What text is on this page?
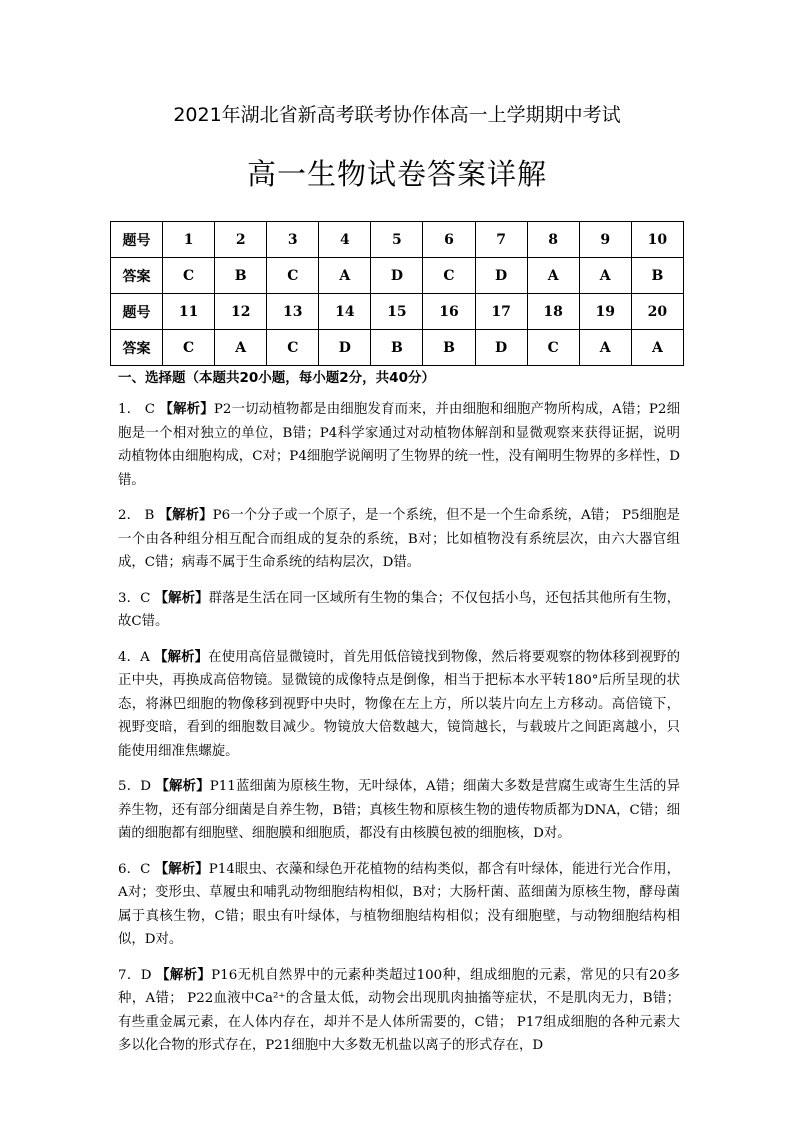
2021年湖北省新高考联考协作体高一上学期期中考试
高一生物试卷答案详解
题号	1	2	3	4	5	6	7	8	9	10
答案	C	B	C	A	D	C	D	A	A	B
题号	11	12	13	14	15	16	17	18	19	20
答案	C	A	C	D	B	B	D	C	A	A
一、选择题（本题共20小题，每小题2分，共40分）
1． C 【解析】P2一切动植物都是由细胞发育而来，并由细胞和细胞产物所构成，A错；P2细胞是一个相对独立的单位，B错；P4科学家通过对动植物体解剖和显微观察来获得证据，说明动植物体由细胞构成，C对；P4细胞学说阐明了生物界的统一性，没有阐明生物界的多样性，D错。
2． B 【解析】P6一个分子或一个原子，是一个系统，但不是一个生命系统，A错； P5细胞是一个由各种组分相互配合而组成的复杂的系统，B对；比如植物没有系统层次，由六大器官组成，C错；病毒不属于生命系统的结构层次，D错。
3．C 【解析】群落是生活在同一区域所有生物的集合；不仅包括小鸟，还包括其他所有生物，故C错。
4．A 【解析】在使用高倍显微镜时，首先用低倍镜找到物像，然后将要观察的物体移到视野的正中央，再换成高倍物镜。显微镜的成像特点是倒像，相当于把标本水平转180°后所呈现的状态，将淋巴细胞的物像移到视野中央时，物像在左上方，所以装片向左上方移动。高倍镜下，视野变暗，看到的细胞数目减少。物镜放大倍数越大，镜筒越长，与载玻片之间距离越小，只能使用细准焦螺旋。
5．D 【解析】P11蓝细菌为原核生物，无叶绿体，A错；细菌大多数是营腐生或寄生生活的异养生物，还有部分细菌是自养生物，B错；真核生物和原核生物的遗传物质都为DNA，C错；细菌的细胞都有细胞壁、细胞膜和细胞质，都没有由核膜包被的细胞核，D对。
6．C 【解析】P14眼虫、衣藻和绿色开花植物的结构类似，都含有叶绿体，能进行光合作用，A对；变形虫、草履虫和哺乳动物细胞结构相似，B对；大肠杆菌、蓝细菌为原核生物，酵母菌属于真核生物，C错；眼虫有叶绿体，与植物细胞结构相似；没有细胞壁，与动物细胞结构相似，D对。
7．D 【解析】P16无机自然界中的元素种类超过100种，组成细胞的元素，常见的只有20多种，A错； P22血液中Ca²⁺的含量太低，动物会出现肌肉抽搐等症状，不是肌肉无力，B错；有些重金属元素，在人体内存在，却并不是人体所需要的，C错； P17组成细胞的各种元素大多以化合物的形式存在，P21细胞中大多数无机盐以离子的形式存在，D
